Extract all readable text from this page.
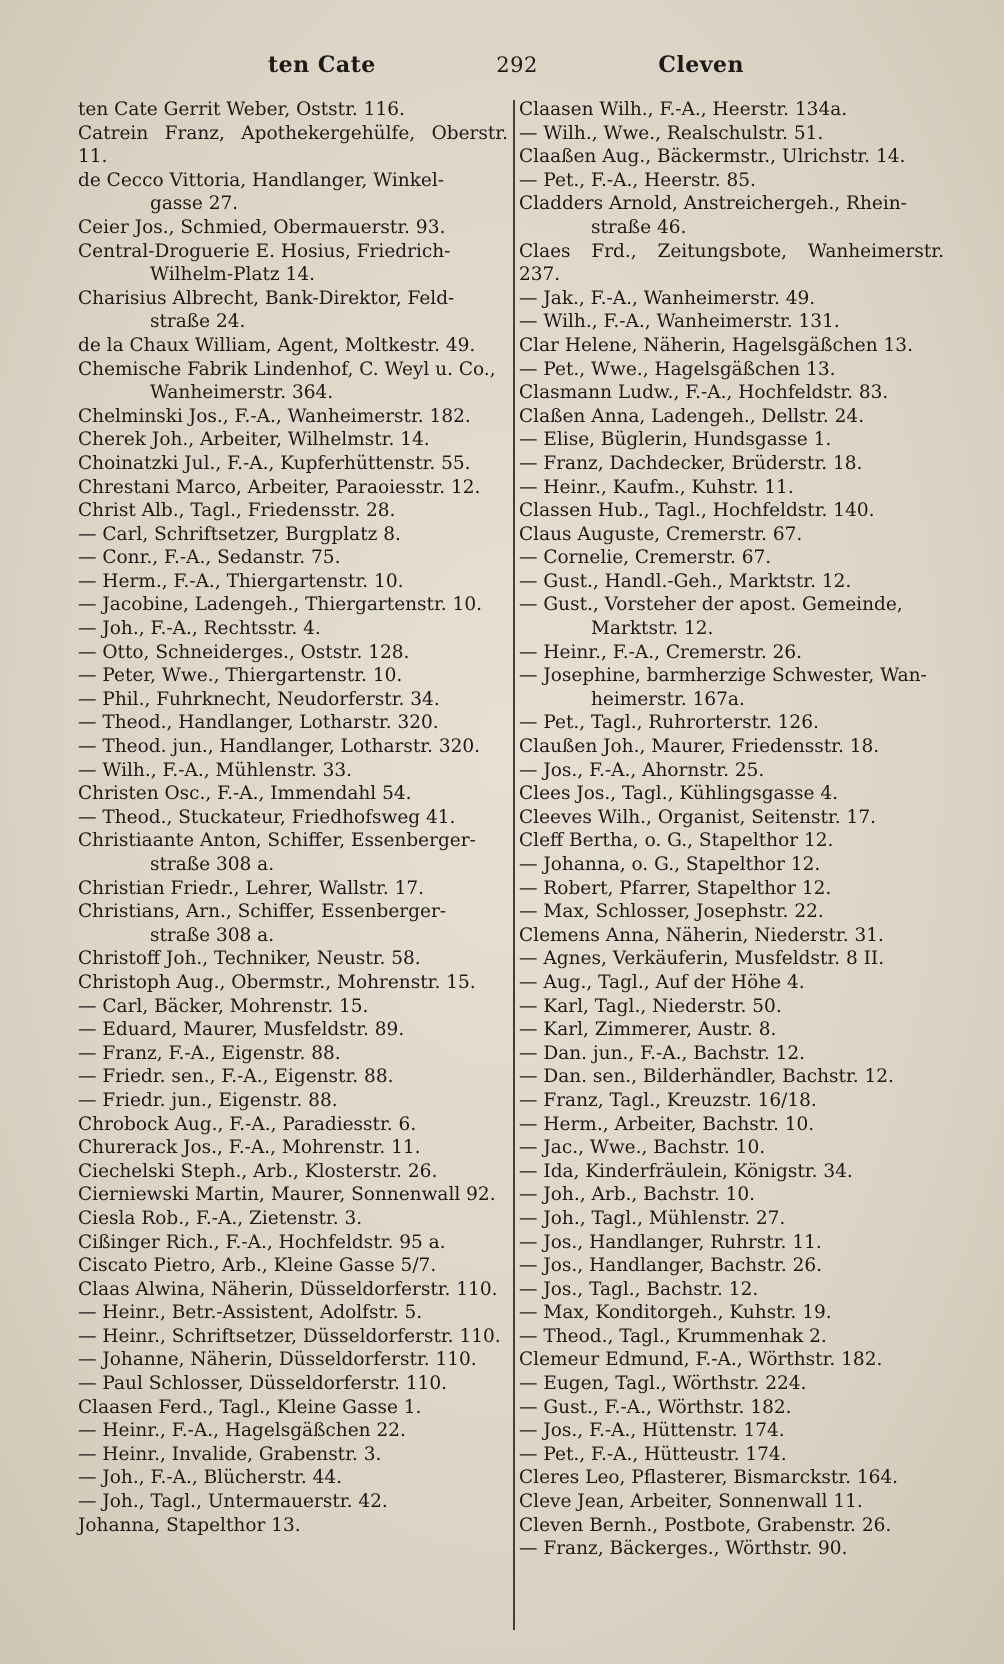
ten Cate	292	Cleven

ten Cate Gerrit Weber, Oststr. 116.

Catrein Franz, Apothekergehülfe, Oberstr. 11.

de Cecco Vittoria, Handlanger, Winkel-

gasse 27.

Ceier Jos., Schmied, Obermauerstr. 93.

Central-Droguerie E. Hosius, Friedrich-

Wilhelm-Platz 14.

Charisius Albrecht, Bank-Direktor, Feld-

straße 24.

de la Chaux William, Agent, Moltkestr. 49.

Chemische Fabrik Lindenhof, C. Weyl u. Co.,

Wanheimerstr. 364.

Chelminski Jos., F.-A., Wanheimerstr. 182.

Cherek Joh., Arbeiter, Wilhelmstr. 14.

Choinatzki Jul., F.-A., Kupferhüttenstr. 55.

Chrestani Marco, Arbeiter, Paraoiesstr. 12.

Christ Alb., Tagl., Friedensstr. 28.

— Carl, Schriftsetzer, Burgplatz 8.

— Conr., F.-A., Sedanstr. 75.

— Herm., F.-A., Thiergartenstr. 10.

— Jacobine, Ladengeh., Thiergartenstr. 10.

— Joh., F.-A., Rechtsstr. 4.

— Otto, Schneiderges., Oststr. 128.

— Peter, Wwe., Thiergartenstr. 10.

— Phil., Fuhrknecht, Neudorferstr. 34.

— Theod., Handlanger, Lotharstr. 320.

— Theod. jun., Handlanger, Lotharstr. 320.

— Wilh., F.-A., Mühlenstr. 33.

Christen Osc., F.-A., Immendahl 54.

— Theod., Stuckateur, Friedhofsweg 41.

Christiaante Anton, Schiffer, Essenberger-

straße 308 a.

Christian Friedr., Lehrer, Wallstr. 17.

Christians, Arn., Schiffer, Essenberger-

straße 308 a.

Christoff Joh., Techniker, Neustr. 58.

Christoph Aug., Obermstr., Mohrenstr. 15.

— Carl, Bäcker, Mohrenstr. 15.

— Eduard, Maurer, Musfeldstr. 89.

— Franz, F.-A., Eigenstr. 88.

— Friedr. sen., F.-A., Eigenstr. 88.

— Friedr. jun., Eigenstr. 88.

Chrobock Aug., F.-A., Paradiesstr. 6.

Churerack Jos., F.-A., Mohrenstr. 11.

Ciechelski Steph., Arb., Klosterstr. 26.

Cierniewski Martin, Maurer, Sonnenwall 92.

Ciesla Rob., F.-A., Zietenstr. 3.

Cißinger Rich., F.-A., Hochfeldstr. 95 a.

Ciscato Pietro, Arb., Kleine Gasse 5/7.

Claas Alwina, Näherin, Düsseldorferstr. 110.

— Heinr., Betr.-Assistent, Adolfstr. 5.

— Heinr., Schriftsetzer, Düsseldorferstr. 110.

— Johanne, Näherin, Düsseldorferstr. 110.

— Paul Schlosser, Düsseldorferstr. 110.

Claasen Ferd., Tagl., Kleine Gasse 1.

— Heinr., F.-A., Hagelsgäßchen 22.

— Heinr., Invalide, Grabenstr. 3.

— Joh., F.-A., Blücherstr. 44.

— Joh., Tagl., Untermauerstr. 42.

Johanna, Stapelthor 13.

Claasen Wilh., F.-A., Heerstr. 134a.

— Wilh., Wwe., Realschulstr. 51.

Claaßen Aug., Bäckermstr., Ulrichstr. 14.

— Pet., F.-A., Heerstr. 85.

Cladders Arnold, Anstreichergeh., Rhein-

straße 46.

Claes Frd., Zeitungsbote, Wanheimerstr. 237.

— Jak., F.-A., Wanheimerstr. 49.

— Wilh., F.-A., Wanheimerstr. 131.

Clar Helene, Näherin, Hagelsgäßchen 13.

— Pet., Wwe., Hagelsgäßchen 13.

Clasmann Ludw., F.-A., Hochfeldstr. 83.

Claßen Anna, Ladengeh., Dellstr. 24.

— Elise, Büglerin, Hundsgasse 1.

— Franz, Dachdecker, Brüderstr. 18.

— Heinr., Kaufm., Kuhstr. 11.

Classen Hub., Tagl., Hochfeldstr. 140.

Claus Auguste, Cremerstr. 67.

— Cornelie, Cremerstr. 67.

— Gust., Handl.-Geh., Marktstr. 12.

— Gust., Vorsteher der apost. Gemeinde,

Marktstr. 12.

— Heinr., F.-A., Cremerstr. 26.

— Josephine, barmherzige Schwester, Wan-

heimerstr. 167a.

— Pet., Tagl., Ruhrorterstr. 126.

Claußen Joh., Maurer, Friedensstr. 18.

— Jos., F.-A., Ahornstr. 25.

Clees Jos., Tagl., Kühlingsgasse 4.

Cleeves Wilh., Organist, Seitenstr. 17.

Cleff Bertha, o. G., Stapelthor 12.

— Johanna, o. G., Stapelthor 12.

— Robert, Pfarrer, Stapelthor 12.

— Max, Schlosser, Josephstr. 22.

Clemens Anna, Näherin, Niederstr. 31.

— Agnes, Verkäuferin, Musfeldstr. 8 II.

— Aug., Tagl., Auf der Höhe 4.

— Karl, Tagl., Niederstr. 50.

— Karl, Zimmerer, Austr. 8.

— Dan. jun., F.-A., Bachstr. 12.

— Dan. sen., Bilderhändler, Bachstr. 12.

— Franz, Tagl., Kreuzstr. 16/18.

— Herm., Arbeiter, Bachstr. 10.

— Jac., Wwe., Bachstr. 10.

— Ida, Kinderfräulein, Königstr. 34.

— Joh., Arb., Bachstr. 10.

— Joh., Tagl., Mühlenstr. 27.

— Jos., Handlanger, Ruhrstr. 11.

— Jos., Handlanger, Bachstr. 26.

— Jos., Tagl., Bachstr. 12.

— Max, Konditorgeh., Kuhstr. 19.

— Theod., Tagl., Krummenhak 2.

Clemeur Edmund, F.-A., Wörthstr. 182.

— Eugen, Tagl., Wörthstr. 224.

— Gust., F.-A., Wörthstr. 182.

— Jos., F.-A., Hüttenstr. 174.

— Pet., F.-A., Hütteustr. 174.

Cleres Leo, Pflasterer, Bismarckstr. 164.

Cleve Jean, Arbeiter, Sonnenwall 11.

Cleven Bernh., Postbote, Grabenstr. 26.

— Franz, Bäckerges., Wörthstr. 90.
